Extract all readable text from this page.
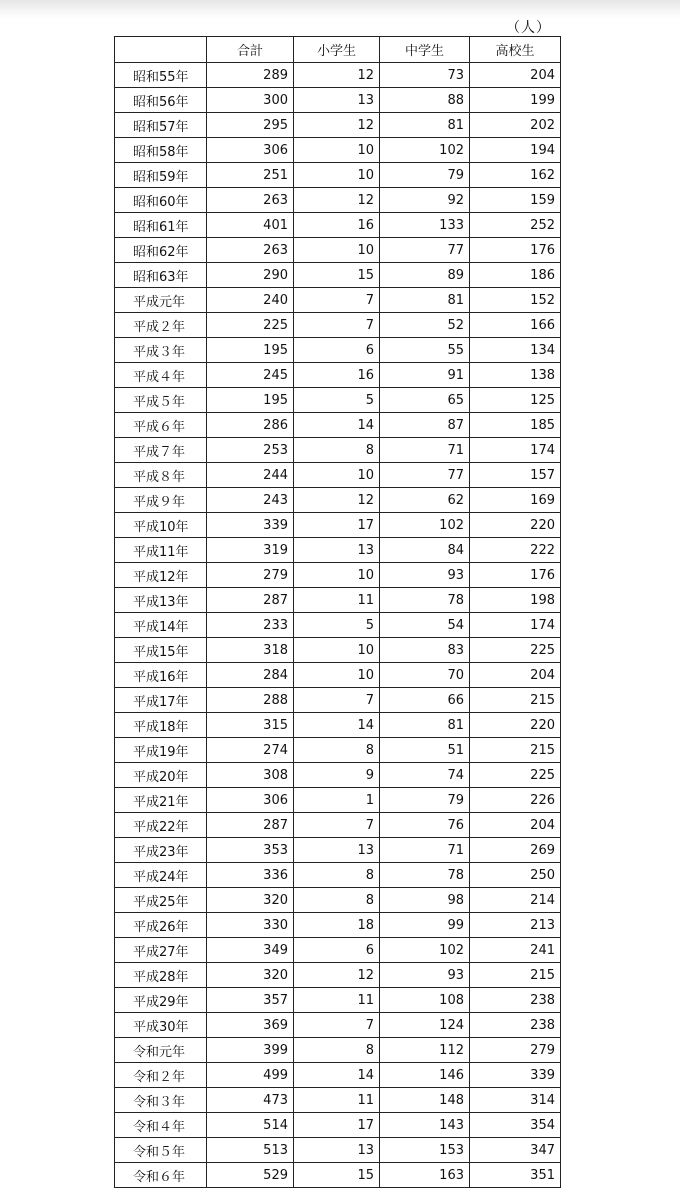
（人）
	合計	小学生	中学生	高校生
昭和55年	289	12	73	204
昭和56年	300	13	88	199
昭和57年	295	12	81	202
昭和58年	306	10	102	194
昭和59年	251	10	79	162
昭和60年	263	12	92	159
昭和61年	401	16	133	252
昭和62年	263	10	77	176
昭和63年	290	15	89	186
平成元年	240	7	81	152
平成２年	225	7	52	166
平成３年	195	6	55	134
平成４年	245	16	91	138
平成５年	195	5	65	125
平成６年	286	14	87	185
平成７年	253	8	71	174
平成８年	244	10	77	157
平成９年	243	12	62	169
平成10年	339	17	102	220
平成11年	319	13	84	222
平成12年	279	10	93	176
平成13年	287	11	78	198
平成14年	233	5	54	174
平成15年	318	10	83	225
平成16年	284	10	70	204
平成17年	288	7	66	215
平成18年	315	14	81	220
平成19年	274	8	51	215
平成20年	308	9	74	225
平成21年	306	1	79	226
平成22年	287	7	76	204
平成23年	353	13	71	269
平成24年	336	8	78	250
平成25年	320	8	98	214
平成26年	330	18	99	213
平成27年	349	6	102	241
平成28年	320	12	93	215
平成29年	357	11	108	238
平成30年	369	7	124	238
令和元年	399	8	112	279
令和２年	499	14	146	339
令和３年	473	11	148	314
令和４年	514	17	143	354
令和５年	513	13	153	347
令和６年	529	15	163	351
